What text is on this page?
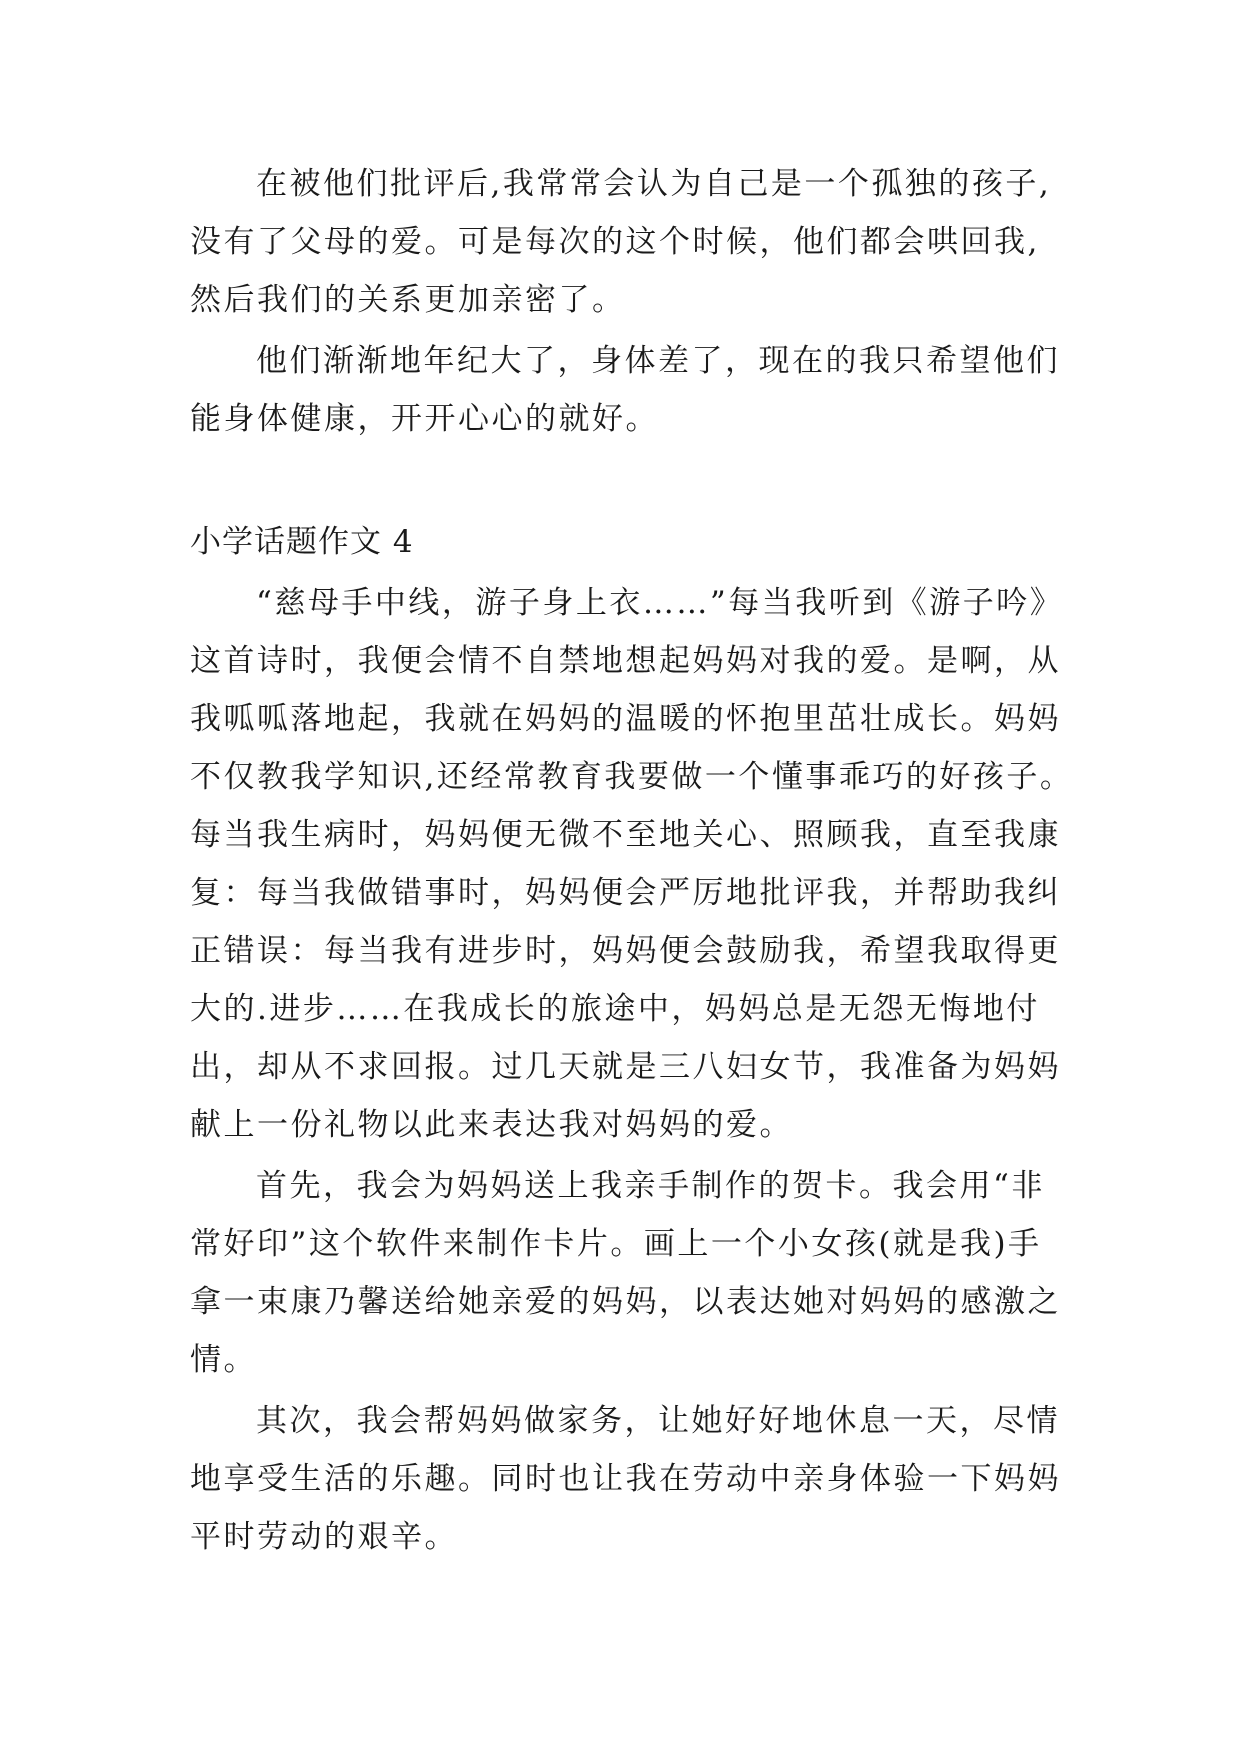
在被他们批评后,我常常会认为自己是一个孤独的孩子,
没有了父母的爱。可是每次的这个时候，他们都会哄回我,
然后我们的关系更加亲密了。
他们渐渐地年纪大了，身体差了，现在的我只希望他们
能身体健康，开开心心的就好。
小学话题作文 4
“慈母手中线，游子身上衣……”每当我听到《游子吟》
这首诗时，我便会情不自禁地想起妈妈对我的爱。是啊，从
我呱呱落地起，我就在妈妈的温暖的怀抱里茁壮成长。妈妈
不仅教我学知识,还经常教育我要做一个懂事乖巧的好孩子。
每当我生病时，妈妈便无微不至地关心、照顾我，直至我康
复：每当我做错事时，妈妈便会严厉地批评我，并帮助我纠
正错误：每当我有进步时，妈妈便会鼓励我，希望我取得更
大的.进步……在我成长的旅途中，妈妈总是无怨无悔地付
出，却从不求回报。过几天就是三八妇女节，我准备为妈妈
献上一份礼物以此来表达我对妈妈的爱。
首先，我会为妈妈送上我亲手制作的贺卡。我会用“非
常好印”这个软件来制作卡片。画上一个小女孩(就是我)手
拿一束康乃馨送给她亲爱的妈妈，以表达她对妈妈的感激之
情。
其次，我会帮妈妈做家务，让她好好地休息一天，尽情
地享受生活的乐趣。同时也让我在劳动中亲身体验一下妈妈
平时劳动的艰辛。
